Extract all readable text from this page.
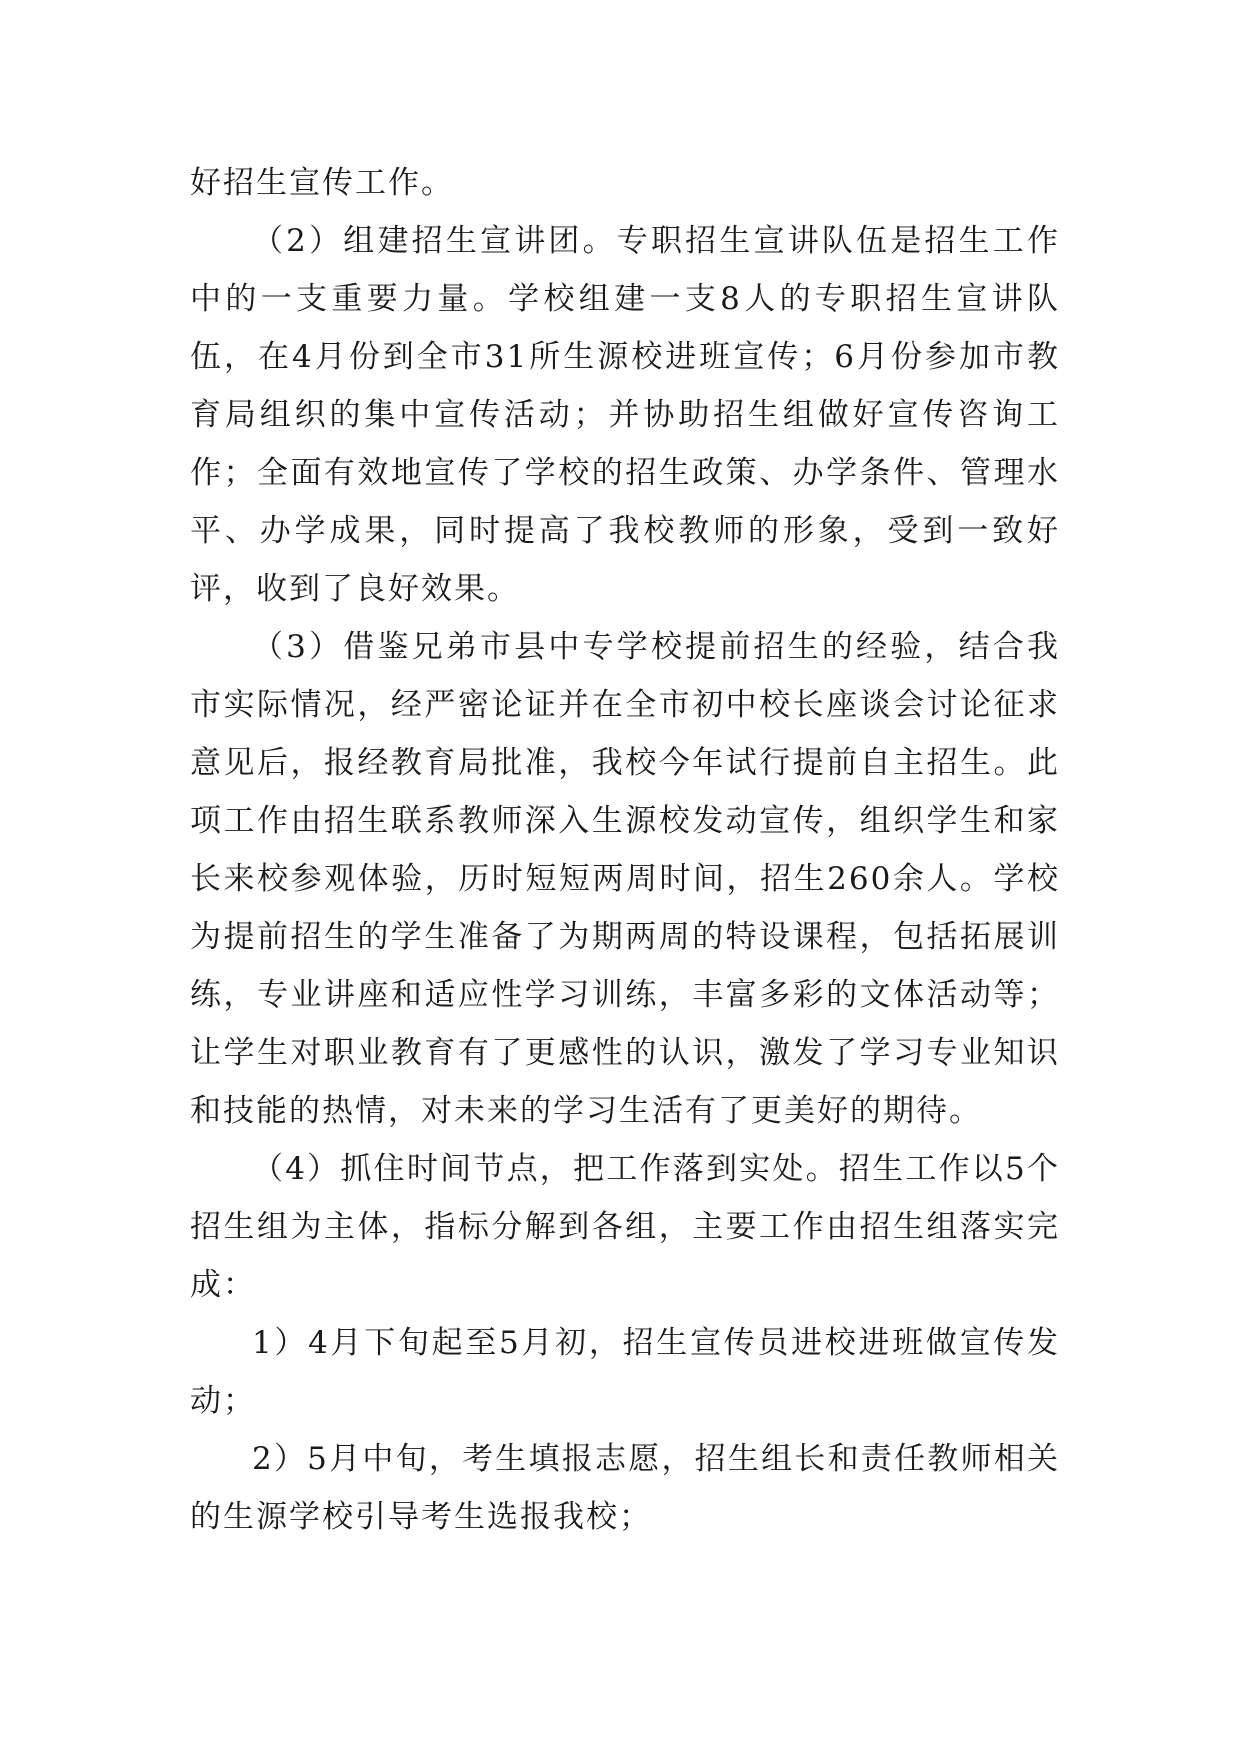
好招生宣传工作。

（2）组建招生宣讲团。专职招生宣讲队伍是招生工作中的一支重要力量。学校组建一支8人的专职招生宣讲队伍，在4月份到全市31所生源校进班宣传；6月份参加市教育局组织的集中宣传活动；并协助招生组做好宣传咨询工作；全面有效地宣传了学校的招生政策、办学条件、管理水平、办学成果，同时提高了我校教师的形象，受到一致好评，收到了良好效果。

（3）借鉴兄弟市县中专学校提前招生的经验，结合我市实际情况，经严密论证并在全市初中校长座谈会讨论征求意见后，报经教育局批准，我校今年试行提前自主招生。此项工作由招生联系教师深入生源校发动宣传，组织学生和家长来校参观体验，历时短短两周时间，招生260余人。学校为提前招生的学生准备了为期两周的特设课程，包括拓展训练，专业讲座和适应性学习训练，丰富多彩的文体活动等；让学生对职业教育有了更感性的认识，激发了学习专业知识和技能的热情，对未来的学习生活有了更美好的期待。

（4）抓住时间节点，把工作落到实处。招生工作以5个招生组为主体，指标分解到各组，主要工作由招生组落实完成：

1）4月下旬起至5月初，招生宣传员进校进班做宣传发动；

2）5月中旬，考生填报志愿，招生组长和责任教师相关的生源学校引导考生选报我校；
